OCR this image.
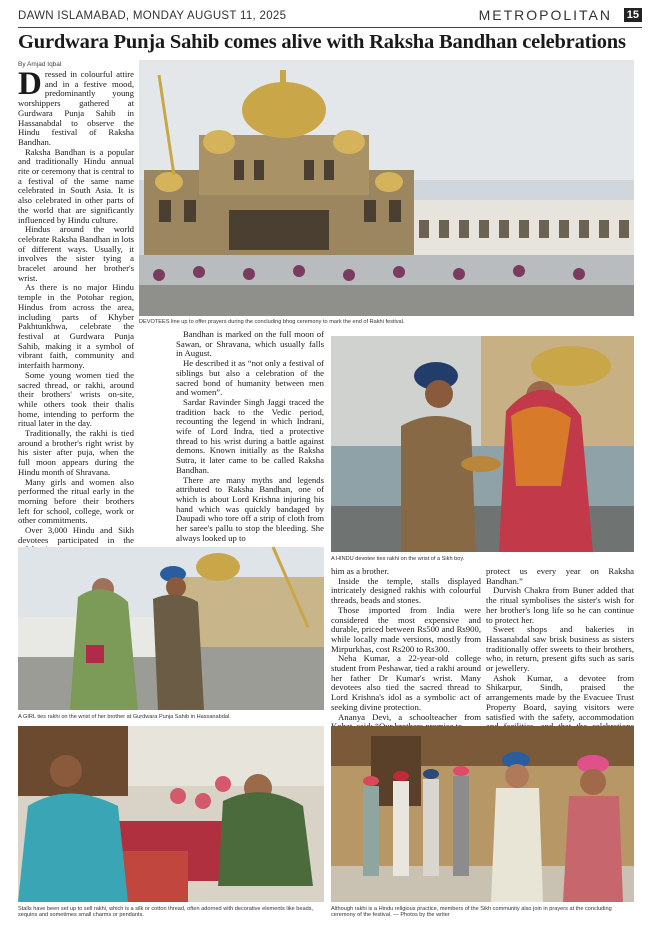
DAWN ISLAMABAD, MONDAY AUGUST 11, 2025	METROPOLITAN 15
Gurdwara Punja Sahib comes alive with Raksha Bandhan celebrations
By Amjad Iqbal
D ressed in colourful attire and in a festive mood, predominantly young worshippers gathered at Gurdwara Punja Sahib in Hassanabdal to observe the Hindu festival of Raksha Bandhan.

Raksha Bandhan is a popular and traditionally Hindu annual rite or ceremony that is central to a festival of the same name celebrated in South Asia. It is also celebrated in other parts of the world that are significantly influenced by Hindu culture.

Hindus around the world celebrate Raksha Bandhan in lots of different ways. Usually, it involves the sister tying a bracelet around her brother's wrist.

As there is no major Hindu temple in the Potohar region, Hindus from across the area, including parts of Khyber Pakhtunkhwa, celebrate the festival at Gurdwara Punja Sahib, making it a symbol of vibrant faith, community and interfaith harmony.

Some young women tied the sacred thread, or rakhi, around their brothers' wrists on-site, while others took their thalis home, intending to perform the ritual later in the day.

Traditionally, the rakhi is tied around a brother's right wrist by his sister after puja, when the full moon appears during the Hindu month of Shravana.

Many girls and women also performed the ritual early in the morning before their brothers left for school, college, work or other commitments.

Over 3,000 Hindu and Sikh devotees participated in the

DEVOTEES line up to offer prayers during the concluding bhog ceremony to mark the end of Rakhi festival.

Bandhan is marked on the full moon of Sawan, or Shravana, which usually falls in August.

He described it as “not only a festival of siblings but also a celebration of the sacred bond of humanity between men and women”.

Sardar Ravinder Singh Jaggi traced the tradition back to the Vedic period, recounting the legend in which Indrani, wife of Lord Indra, tied a protective thread to his wrist during a battle against demons. Known initially as the Raksha Sutra, it later came to be called Raksha Bandhan.

There are many myths and legends attributed to Raksha Bandhan, one of which is about Lord Krishna injuring his hand which was quickly bandaged by Daupadi who tore off a strip of cloth from her saree's pallu to stop the bleeding. She always looked up to

A HINDU devotee ties rakhi on the wrist of a Sikh boy.
A GIRL ties rakhi on the wrist of her brother at Gurdwara Punja Sahib in Hassanabdal.
him as a brother.

Inside the temple, stalls displayed intricately designed rakhis with colourful threads, beads and stones.

Those imported from India were considered the most expensive and durable, priced between Rs500 and Rs900, while locally made versions, mostly from Mirpurkhas, cost Rs200 to Rs300.

Neha Kumar, a 22-year-old college student from Peshawar, tied a rakhi around her father Dr Kumar's wrist. Many devotees also tied the sacred thread to Lord Krishna's idol as a symbolic act of seeking divine protection.

Ananya Devi, a schoolteacher from

protect us every year on Raksha Bandhan.”

Durvish Chakra from Buner added that the ritual symbolises the sister's wish for her brother's long life so he can continue to protect her.

Sweet shops and bakeries in Hassanabdal saw brisk business as sisters traditionally offer sweets to their brothers, who, in return, present gifts such as saris or jewellery.

Ashok Kumar, a devotee from Shikarpur, Sindh, praised the arrangements made by the Evacuee Trust Property Board, saying visitors were satisfied with the safety, accommodation

Stalls have been set up to sell rakhi, which is a silk or cotton thread, often adorned with decorative elements like beads, sequins and sometimes small charms or pendants.
Although rakhi is a Hindu religious practice, members of the Sikh community also join in prayers at the concluding ceremony of the festival. — Photos by the writer
